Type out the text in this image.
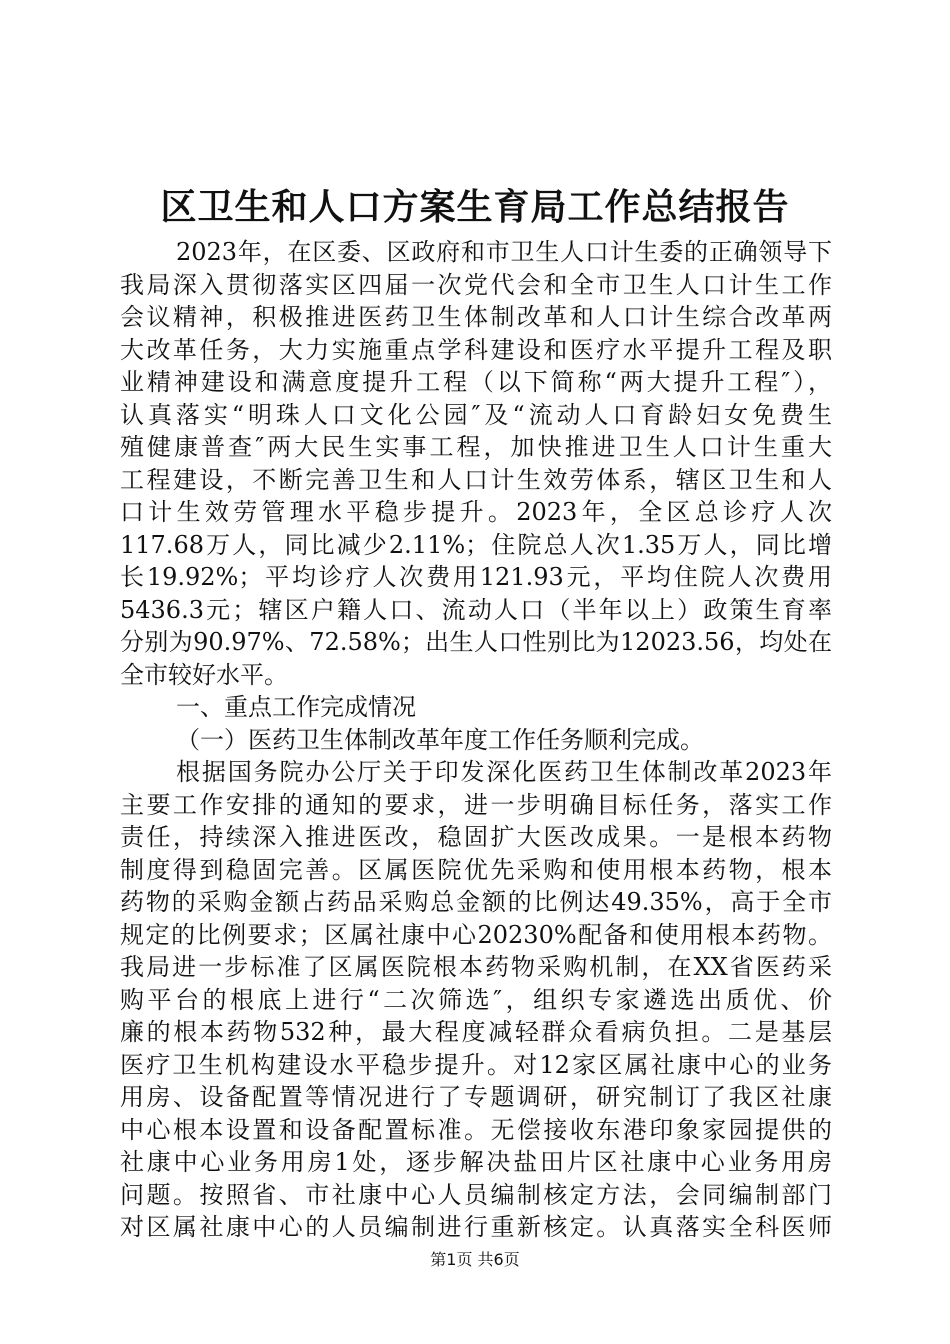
区卫生和人口方案生育局工作总结报告
2023年，在区委、区政府和市卫生人口计生委的正确领导下
我局深入贯彻落实区四届一次党代会和全市卫生人口计生工作
会议精神，积极推进医药卫生体制改革和人口计生综合改革两
大改革任务，大力实施重点学科建设和医疗水平提升工程及职
业精神建设和满意度提升工程（以下简称“两大提升工程″），
认真落实“明珠人口文化公园″及“流动人口育龄妇女免费生
殖健康普查″两大民生实事工程，加快推进卫生人口计生重大
工程建设，不断完善卫生和人口计生效劳体系，辖区卫生和人
口计生效劳管理水平稳步提升。2023年，全区总诊疗人次
117.68万人，同比减少2.11%；住院总人次1.35万人，同比增
长19.92%；平均诊疗人次费用121.93元，平均住院人次费用
5436.3元；辖区户籍人口、流动人口（半年以上）政策生育率
分别为90.97%、72.58%；出生人口性别比为12023.56，均处在
全市较好水平。
一、重点工作完成情况
（一）医药卫生体制改革年度工作任务顺利完成。
根据国务院办公厅关于印发深化医药卫生体制改革2023年
主要工作安排的通知的要求，进一步明确目标任务，落实工作
责任，持续深入推进医改，稳固扩大医改成果。一是根本药物
制度得到稳固完善。区属医院优先采购和使用根本药物，根本
药物的采购金额占药品采购总金额的比例达49.35%，高于全市
规定的比例要求；区属社康中心20230%配备和使用根本药物。
我局进一步标准了区属医院根本药物采购机制，在XX省医药采
购平台的根底上进行“二次筛选″，组织专家遴选出质优、价
廉的根本药物532种，最大程度减轻群众看病负担。二是基层
医疗卫生机构建设水平稳步提升。对12家区属社康中心的业务
用房、设备配置等情况进行了专题调研，研究制订了我区社康
中心根本设置和设备配置标准。无偿接收东港印象家园提供的
社康中心业务用房1处，逐步解决盐田片区社康中心业务用房
问题。按照省、市社康中心人员编制核定方法，会同编制部门
对区属社康中心的人员编制进行重新核定。认真落实全科医师
第1页 共6页
